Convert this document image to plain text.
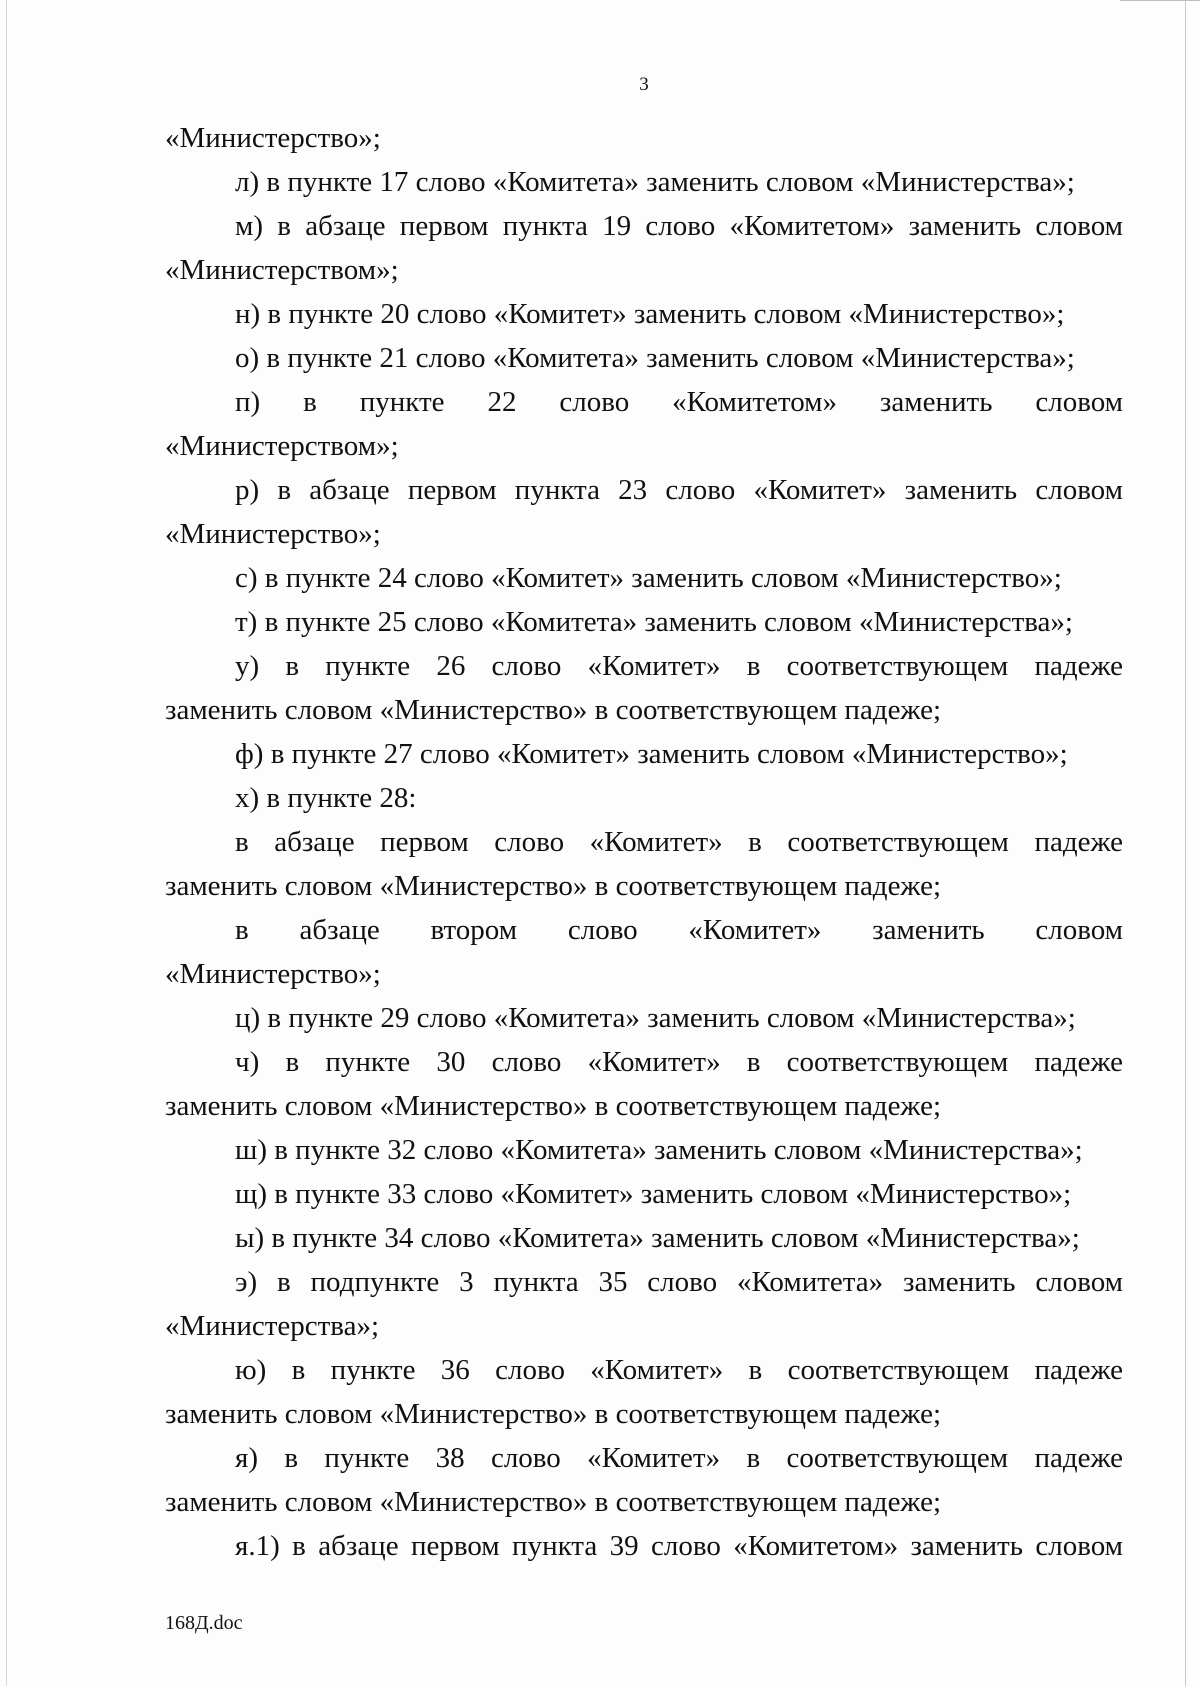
3
«Министерство»;
л) в пункте 17 слово «Комитета» заменить словом «Министерства»;
м) в абзаце первом пункта 19 слово «Комитетом» заменить словом
«Министерством»;
н) в пункте 20 слово «Комитет» заменить словом «Министерство»;
о) в пункте 21 слово «Комитета» заменить словом «Министерства»;
п) в пункте 22 слово «Комитетом» заменить словом
«Министерством»;
р) в абзаце первом пункта 23 слово «Комитет» заменить словом
«Министерство»;
с) в пункте 24 слово «Комитет» заменить словом «Министерство»;
т) в пункте 25 слово «Комитета» заменить словом «Министерства»;
у) в пункте 26 слово «Комитет» в соответствующем падеже
заменить словом «Министерство» в соответствующем падеже;
ф) в пункте 27 слово «Комитет» заменить словом «Министерство»;
х) в пункте 28:
в абзаце первом слово «Комитет» в соответствующем падеже
заменить словом «Министерство» в соответствующем падеже;
в абзаце втором слово «Комитет» заменить словом
«Министерство»;
ц) в пункте 29 слово «Комитета» заменить словом «Министерства»;
ч) в пункте 30 слово «Комитет» в соответствующем падеже
заменить словом «Министерство» в соответствующем падеже;
ш) в пункте 32 слово «Комитета» заменить словом «Министерства»;
щ) в пункте 33 слово «Комитет» заменить словом «Министерство»;
ы) в пункте 34 слово «Комитета» заменить словом «Министерства»;
э) в подпункте 3 пункта 35 слово «Комитета» заменить словом
«Министерства»;
ю) в пункте 36 слово «Комитет» в соответствующем падеже
заменить словом «Министерство» в соответствующем падеже;
я) в пункте 38 слово «Комитет» в соответствующем падеже
заменить словом «Министерство» в соответствующем падеже;
я.1) в абзаце первом пункта 39 слово «Комитетом» заменить словом
168Д.doc
